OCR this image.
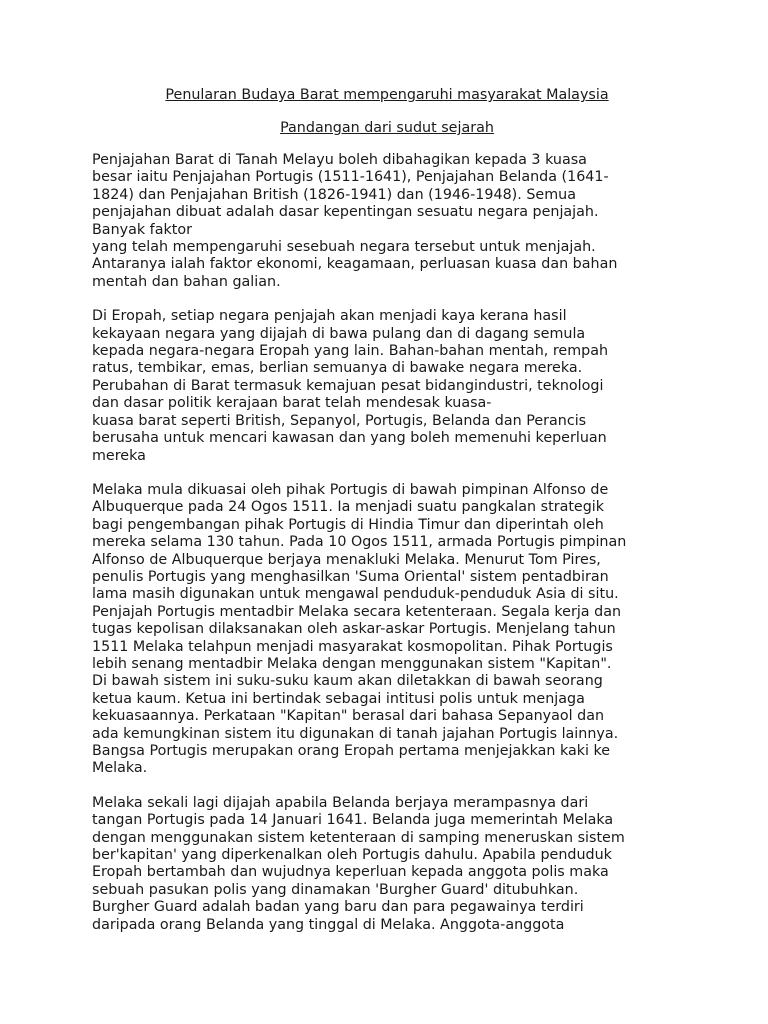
Penularan Budaya Barat mempengaruhi masyarakat Malaysia

Pandangan dari sudut sejarah

Penjajahan Barat di Tanah Melayu boleh dibahagikan kepada 3 kuasa
besar iaitu Penjajahan Portugis (1511-1641), Penjajahan Belanda (1641-
1824) dan Penjajahan British (1826-1941) dan (1946-1948). Semua
penjajahan dibuat adalah dasar kepentingan sesuatu negara penjajah.
Banyak faktor
yang telah mempengaruhi sesebuah negara tersebut untuk menjajah.
Antaranya ialah faktor ekonomi, keagamaan, perluasan kuasa dan bahan
mentah dan bahan galian.
Di Eropah, setiap negara penjajah akan menjadi kaya kerana hasil
kekayaan negara yang dijajah di bawa pulang dan di dagang semula
kepada negara-negara Eropah yang lain. Bahan-bahan mentah, rempah
ratus, tembikar, emas, berlian semuanya di bawake negara mereka.
Perubahan di Barat termasuk kemajuan pesat bidangindustri, teknologi
dan dasar politik kerajaan barat telah mendesak kuasa-
kuasa barat seperti British, Sepanyol, Portugis, Belanda dan Perancis
berusaha untuk mencari kawasan dan yang boleh memenuhi keperluan
mereka
Melaka mula dikuasai oleh pihak Portugis di bawah pimpinan Alfonso de
Albuquerque pada 24 Ogos 1511. Ia menjadi suatu pangkalan strategik
bagi pengembangan pihak Portugis di Hindia Timur dan diperintah oleh
mereka selama 130 tahun. Pada 10 Ogos 1511, armada Portugis pimpinan
Alfonso de Albuquerque berjaya menakluki Melaka. Menurut Tom Pires,
penulis Portugis yang menghasilkan 'Suma Oriental' sistem pentadbiran
lama masih digunakan untuk mengawal penduduk-penduduk Asia di situ.
Penjajah Portugis mentadbir Melaka secara ketenteraan. Segala kerja dan
tugas kepolisan dilaksanakan oleh askar-askar Portugis. Menjelang tahun
1511 Melaka telahpun menjadi masyarakat kosmopolitan. Pihak Portugis
lebih senang mentadbir Melaka dengan menggunakan sistem "Kapitan".
Di bawah sistem ini suku-suku kaum akan diletakkan di bawah seorang
ketua kaum. Ketua ini bertindak sebagai intitusi polis untuk menjaga
kekuasaannya. Perkataan "Kapitan" berasal dari bahasa Sepanyaol dan
ada kemungkinan sistem itu digunakan di tanah jajahan Portugis lainnya.
Bangsa Portugis merupakan orang Eropah pertama menjejakkan kaki ke
Melaka.
Melaka sekali lagi dijajah apabila Belanda berjaya merampasnya dari
tangan Portugis pada 14 Januari 1641. Belanda juga memerintah Melaka
dengan menggunakan sistem ketenteraan di samping meneruskan sistem
ber'kapitan' yang diperkenalkan oleh Portugis dahulu. Apabila penduduk
Eropah bertambah dan wujudnya keperluan kepada anggota polis maka
sebuah pasukan polis yang dinamakan 'Burgher Guard' ditubuhkan.
Burgher Guard adalah badan yang baru dan para pegawainya terdiri
daripada orang Belanda yang tinggal di Melaka. Anggota-anggota
